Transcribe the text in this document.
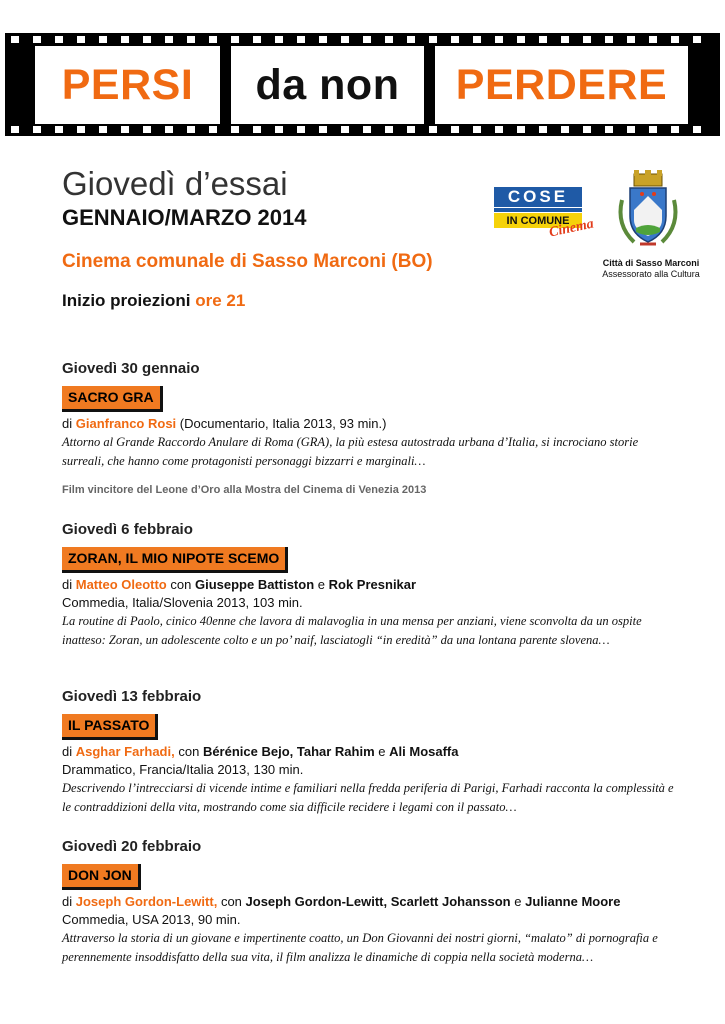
PERSI	da non	PERDERE
Giovedì d’essai
GENNAIO/MARZO 2014
Cinema comunale di Sasso Marconi (BO)
Inizio proiezioni ore 21
COSE
IN COMUNE
Cinema
Città di Sasso Marconi
Assessorato alla Cultura
Giovedì 30 gennaio
SACRO GRA
di Gianfranco Rosi (Documentario, Italia 2013, 93 min.)
Attorno al Grande Raccordo Anulare di Roma (GRA), la più estesa autostrada urbana d’Italia, si incrociano storie surreali, che hanno come protagonisti personaggi bizzarri e marginali…
Film vincitore del Leone d’Oro alla Mostra del Cinema di Venezia 2013
Giovedì 6 febbraio
ZORAN, IL MIO NIPOTE SCEMO
di Matteo Oleotto con Giuseppe Battiston e Rok Presnikar
Commedia, Italia/Slovenia 2013, 103 min.
La routine di Paolo, cinico 40enne che lavora di malavoglia in una mensa per anziani, viene sconvolta da un ospite inatteso: Zoran, un adolescente colto e un po’ naif, lasciatogli “in eredità” da una lontana parente slovena…
Giovedì 13 febbraio
IL PASSATO
di Asghar Farhadi, con Bérénice Bejo, Tahar Rahim e Ali Mosaffa
Drammatico, Francia/Italia 2013, 130 min.
Descrivendo l’intrecciarsi di vicende intime e familiari nella fredda periferia di Parigi, Farhadi racconta la complessità e le contraddizioni della vita, mostrando come sia difficile recidere i legami con il passato…
Giovedì 20 febbraio
DON JON
di Joseph Gordon-Lewitt, con Joseph Gordon-Lewitt, Scarlett Johansson e Julianne Moore
Commedia, USA 2013, 90 min.
Attraverso la storia di un giovane e impertinente coatto, un Don Giovanni dei nostri giorni, “malato” di pornografia e perennemente insoddisfatto della sua vita, il film analizza le dinamiche di coppia nella società moderna…
